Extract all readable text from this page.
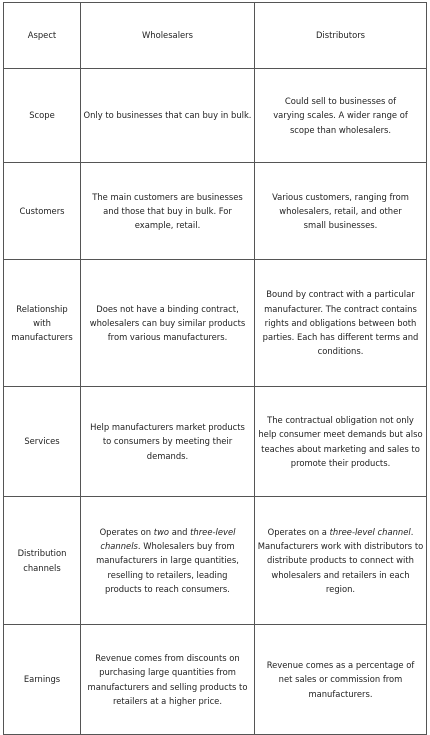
Aspect	Wholesalers	Distributors
Scope	Only to businesses that can buy in bulk.	Could sell to businesses of varying scales. A wider range of scope than wholesalers.
Customers	The main customers are businesses and those that buy in bulk. For example, retail.	Various customers, ranging from wholesalers, retail, and other small businesses.
Relationship with manufacturers	Does not have a binding contract, wholesalers can buy similar products from various manufacturers.	Bound by contract with a particular manufacturer. The contract contains rights and obligations between both parties. Each has different terms and conditions.
Services	Help manufacturers market products to consumers by meeting their demands.	The contractual obligation not only help consumer meet demands but also teaches about marketing and sales to promote their products.
Distribution channels	Operates on two and three-level channels. Wholesalers buy from manufacturers in large quantities, reselling to retailers, leading products to reach consumers.	Operates on a three-level channel. Manufacturers work with distributors to distribute products to connect with wholesalers and retailers in each region.
Earnings	Revenue comes from discounts on purchasing large quantities from manufacturers and selling products to retailers at a higher price.	Revenue comes as a percentage of net sales or commission from manufacturers.
